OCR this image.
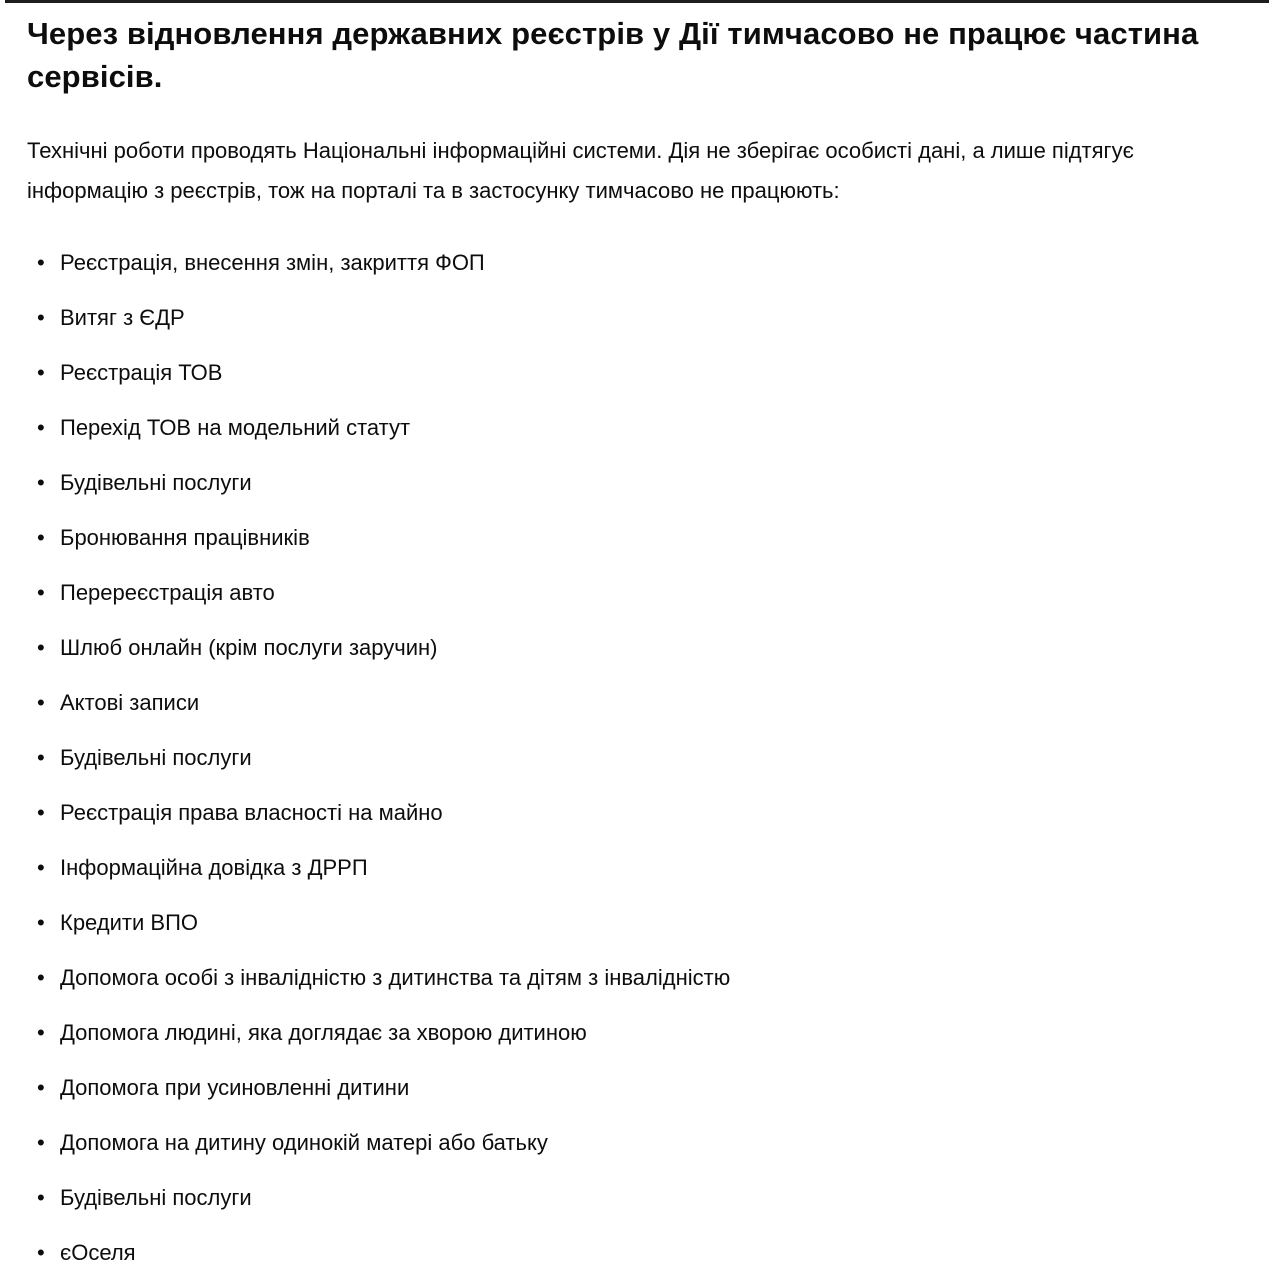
Через відновлення державних реєстрів у Дії тимчасово не працює частина сервісів.

Технічні роботи проводять Національні інформаційні системи. Дія не зберігає особисті дані, а лише підтягує інформацію з реєстрів, тож на порталі та в застосунку тимчасово не працюють:

• Реєстрація, внесення змін, закриття ФОП
• Витяг з ЄДР
• Реєстрація ТОВ
• Перехід ТОВ на модельний статут
• Будівельні послуги
• Бронювання працівників
• Перереєстрація авто
• Шлюб онлайн (крім послуги заручин)
• Актові записи
• Будівельні послуги
• Реєстрація права власності на майно
• Інформаційна довідка з ДРРП
• Кредити ВПО
• Допомога особі з інвалідністю з дитинства та дітям з інвалідністю
• Допомога людині, яка доглядає за хворою дитиною
• Допомога при усиновленні дитини
• Допомога на дитину одинокій матері або батьку
• Будівельні послуги
• єОселя
